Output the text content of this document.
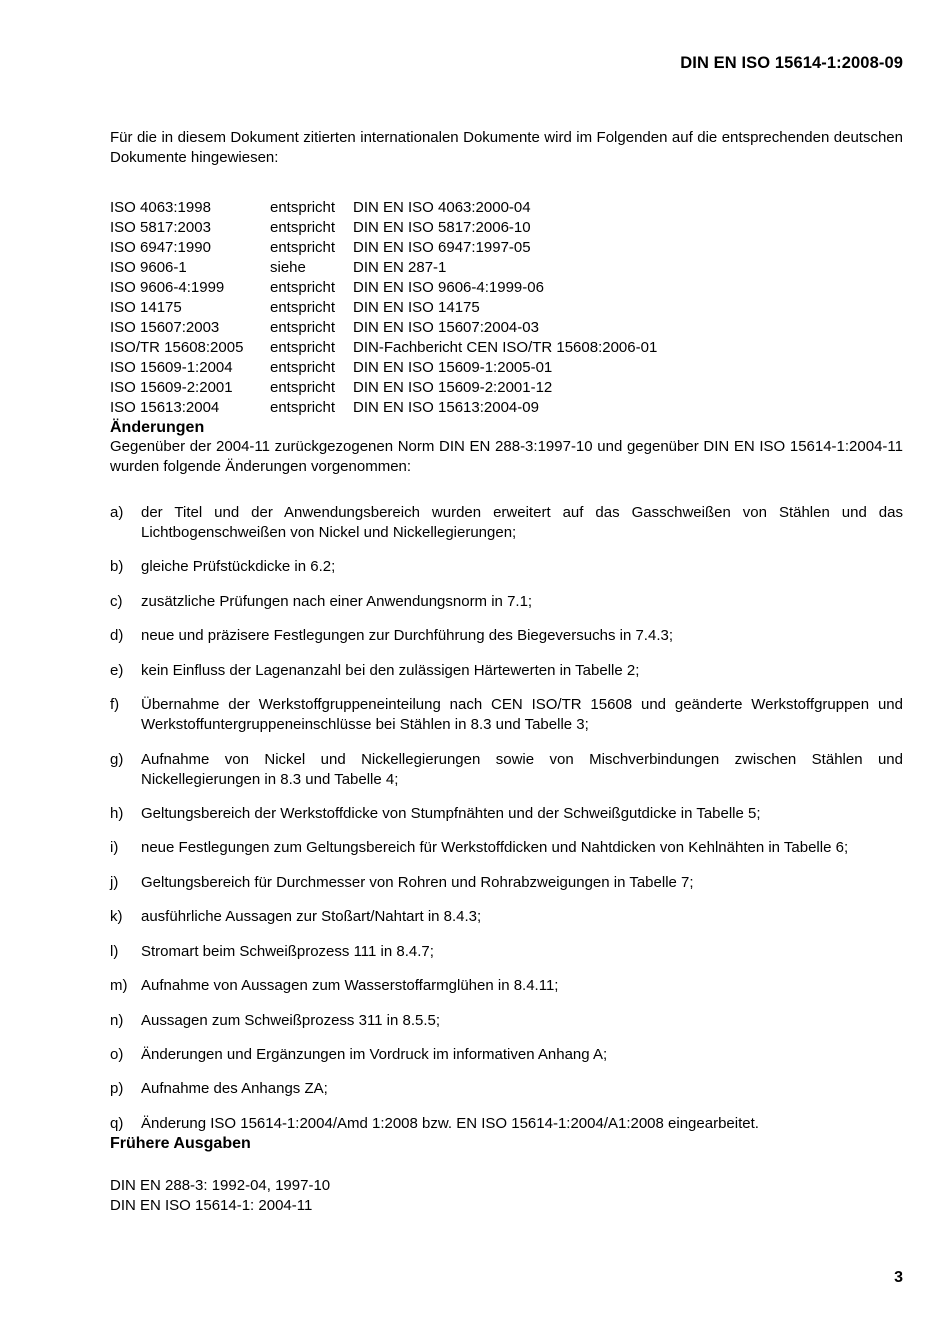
DIN EN ISO 15614-1:2008-09

Für die in diesem Dokument zitierten internationalen Dokumente wird im Folgenden auf die entsprechenden deutschen Dokumente hingewiesen:

ISO 4063:1998	entspricht	DIN EN ISO 4063:2000-04
ISO 5817:2003	entspricht	DIN EN ISO 5817:2006-10
ISO 6947:1990	entspricht	DIN EN ISO 6947:1997-05
ISO 9606-1	siehe	DIN EN 287-1
ISO 9606-4:1999	entspricht	DIN EN ISO 9606-4:1999-06
ISO 14175	entspricht	DIN EN ISO 14175
ISO 15607:2003	entspricht	DIN EN ISO 15607:2004-03
ISO/TR 15608:2005	entspricht	DIN-Fachbericht CEN ISO/TR 15608:2006-01
ISO 15609-1:2004	entspricht	DIN EN ISO 15609-1:2005-01
ISO 15609-2:2001	entspricht	DIN EN ISO 15609-2:2001-12
ISO 15613:2004	entspricht	DIN EN ISO 15613:2004-09
Änderungen

Gegenüber der 2004-11 zurückgezogenen Norm DIN EN 288-3:1997-10 und gegenüber DIN EN ISO 15614-1:2004-11 wurden folgende Änderungen vorgenommen:

a)	der Titel und der Anwendungsbereich wurden erweitert auf das Gasschweißen von Stählen und das Lichtbogenschweißen von Nickel und Nickellegierungen;
b)	gleiche Prüfstückdicke in 6.2;
c)	zusätzliche Prüfungen nach einer Anwendungsnorm in 7.1;
d)	neue und präzisere Festlegungen zur Durchführung des Biegeversuchs in 7.4.3;
e)	kein Einfluss der Lagenanzahl bei den zulässigen Härtewerten in Tabelle 2;
f)	Übernahme der Werkstoffgruppeneinteilung nach CEN ISO/TR 15608 und geänderte Werkstoffgruppen und Werkstoffuntergruppeneinschlüsse bei Stählen in 8.3 und Tabelle 3;
g)	Aufnahme von Nickel und Nickellegierungen sowie von Mischverbindungen zwischen Stählen und Nickellegierungen in 8.3 und Tabelle 4;
h)	Geltungsbereich der Werkstoffdicke von Stumpfnähten und der Schweißgutdicke in Tabelle 5;
i)	neue Festlegungen zum Geltungsbereich für Werkstoffdicken und Nahtdicken von Kehlnähten in Tabelle 6;
j)	Geltungsbereich für Durchmesser von Rohren und Rohrabzweigungen in Tabelle 7;
k)	ausführliche Aussagen zur Stoßart/Nahtart in 8.4.3;
l)	Stromart beim Schweißprozess 111 in 8.4.7;
m) Aufnahme von Aussagen zum Wasserstoffarmglühen in 8.4.11;
n)	Aussagen zum Schweißprozess 311 in 8.5.5;
o)	Änderungen und Ergänzungen im Vordruck im informativen Anhang A;
p)	Aufnahme des Anhangs ZA;
q)	Änderung ISO 15614-1:2004/Amd 1:2008 bzw. EN ISO 15614-1:2004/A1:2008 eingearbeitet.
Frühere Ausgaben
DIN EN 288-3: 1992-04, 1997-10
DIN EN ISO 15614-1: 2004-11
3
